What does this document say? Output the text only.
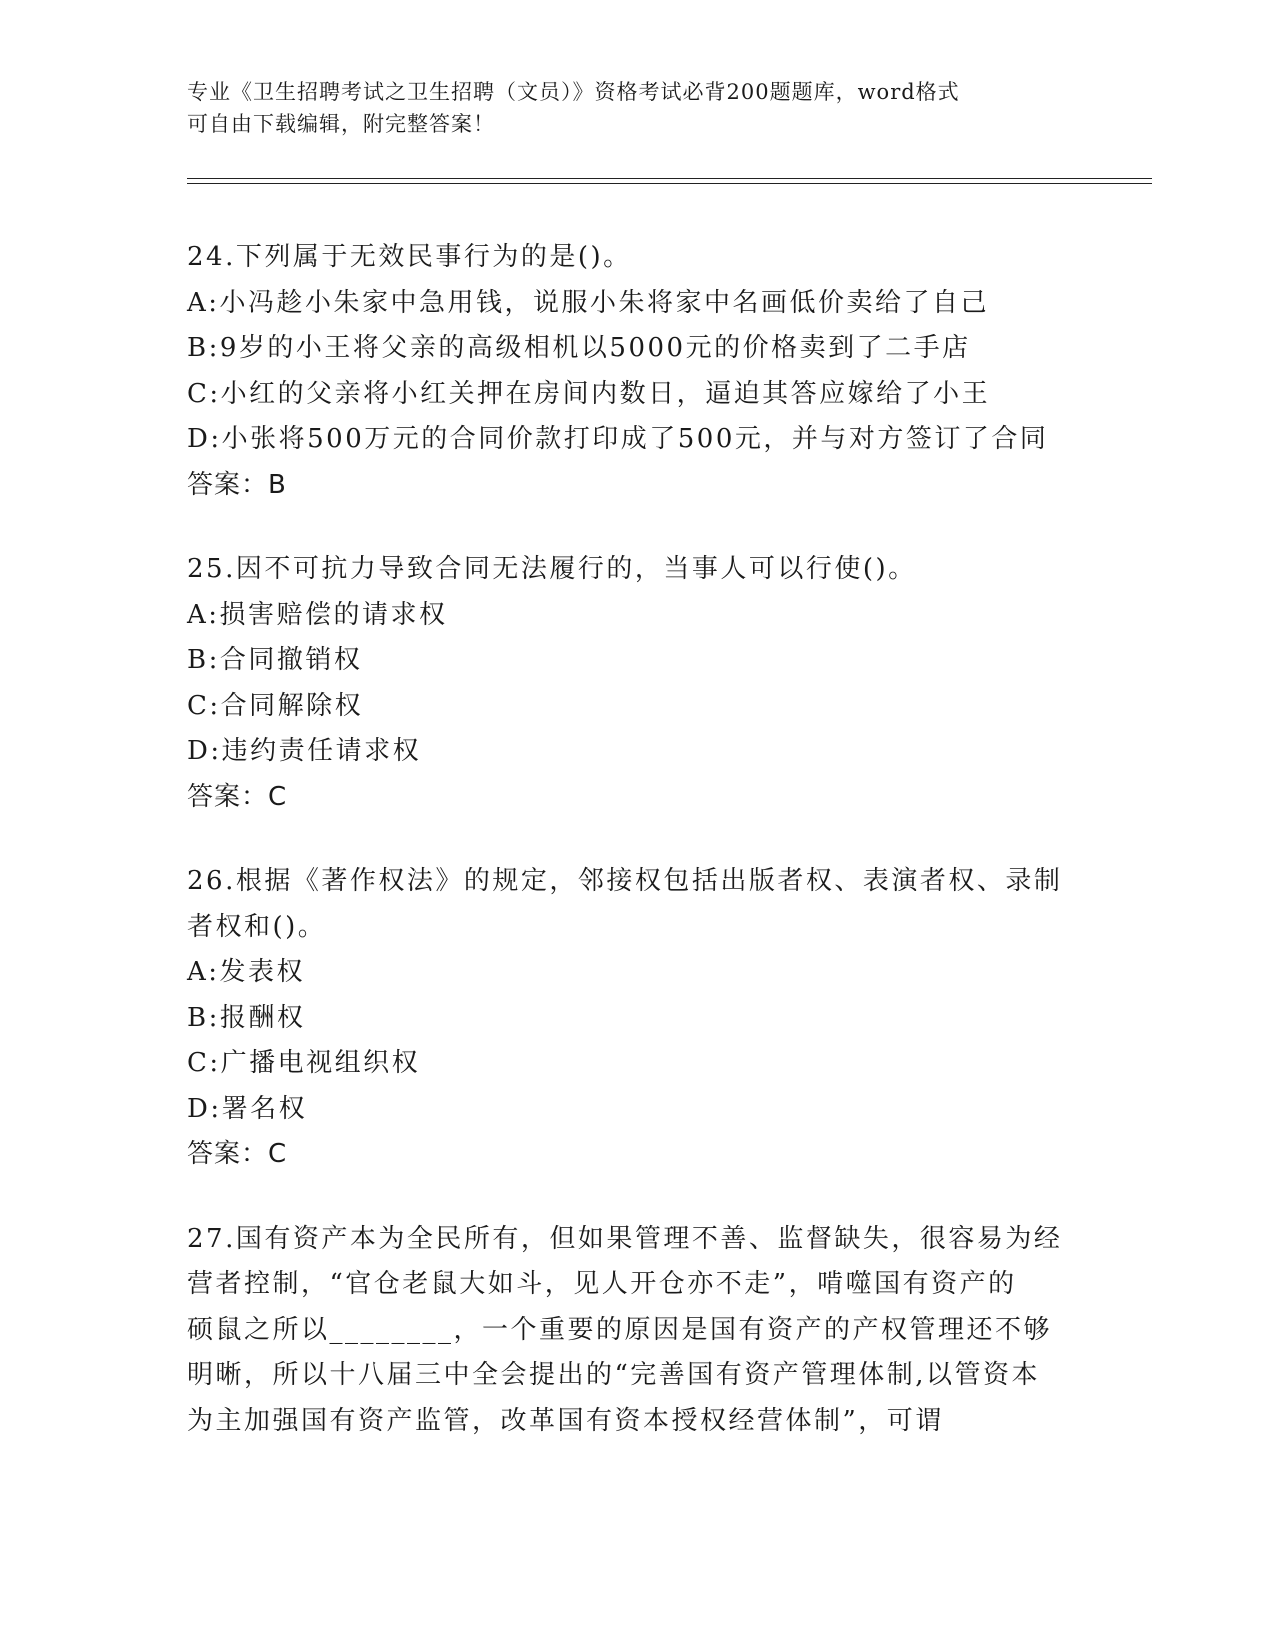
专业《卫生招聘考试之卫生招聘（文员）》资格考试必背200题题库，word格式
可自由下载编辑，附完整答案！
24.下列属于无效民事行为的是()。
A:小冯趁小朱家中急用钱，说服小朱将家中名画低价卖给了自己
B:9岁的小王将父亲的高级相机以5000元的价格卖到了二手店
C:小红的父亲将小红关押在房间内数日，逼迫其答应嫁给了小王
D:小张将500万元的合同价款打印成了500元，并与对方签订了合同
答案：B
25.因不可抗力导致合同无法履行的，当事人可以行使()。
A:损害赔偿的请求权
B:合同撤销权
C:合同解除权
D:违约责任请求权
答案：C
26.根据《著作权法》的规定，邻接权包括出版者权、表演者权、录制
者权和()。
A:发表权
B:报酬权
C:广播电视组织权
D:署名权
答案：C
27.国有资产本为全民所有，但如果管理不善、监督缺失，很容易为经
营者控制，“官仓老鼠大如斗，见人开仓亦不走”，啃噬国有资产的
硕鼠之所以________，一个重要的原因是国有资产的产权管理还不够
明晰，所以十八届三中全会提出的“完善国有资产管理体制,以管资本
为主加强国有资产监管，改革国有资本授权经营体制”，可谓
